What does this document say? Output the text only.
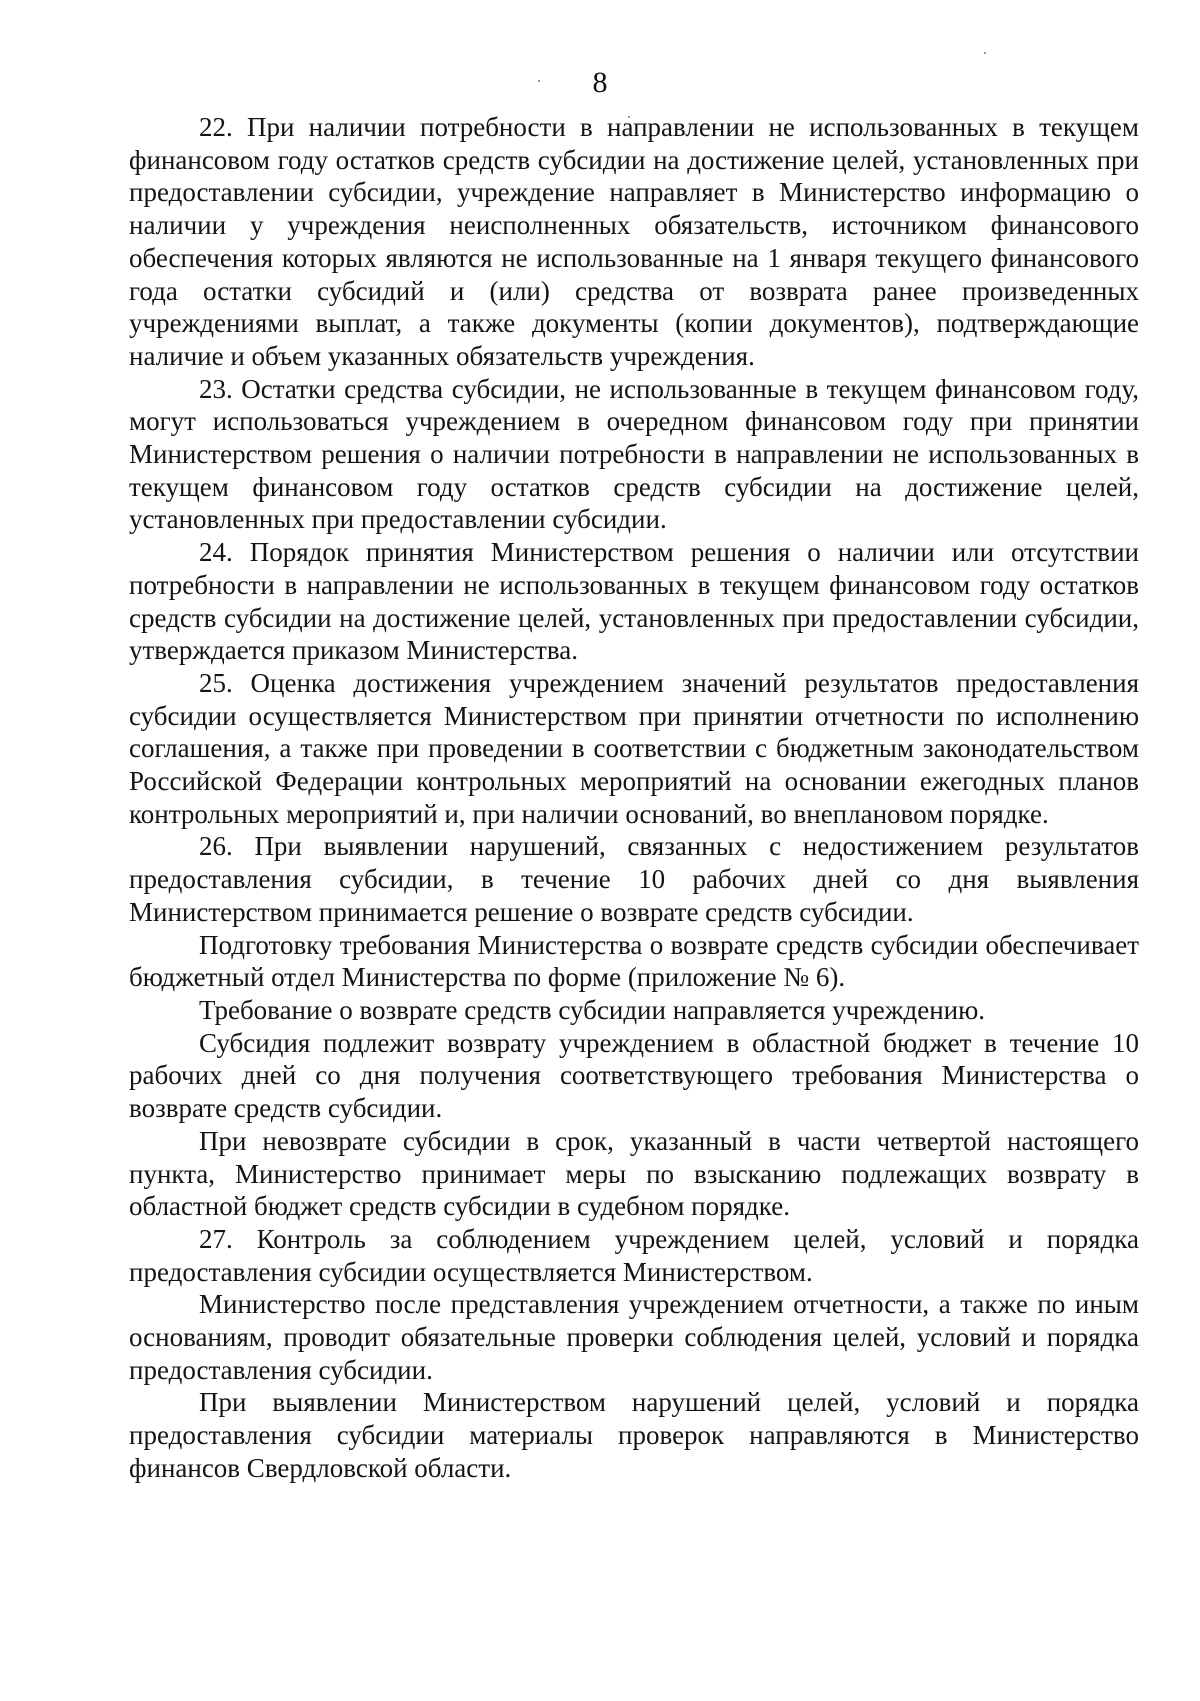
8

22. При наличии потребности в направлении не использованных в текущем финансовом году остатков средств субсидии на достижение целей, установленных при предоставлении субсидии, учреждение направляет в Министерство информацию о наличии у учреждения неисполненных обязательств, источником финансового обеспечения которых являются не использованные на 1 января текущего финансового года остатки субсидий и (или) средства от возврата ранее произведенных учреждениями выплат, а также документы (копии документов), подтверждающие наличие и объем указанных обязательств учреждения.

23. Остатки средства субсидии, не использованные в текущем финансовом году, могут использоваться учреждением в очередном финансовом году при принятии Министерством решения о наличии потребности в направлении не использованных в текущем финансовом году остатков средств субсидии на достижение целей, установленных при предоставлении субсидии.

24. Порядок принятия Министерством решения о наличии или отсутствии потребности в направлении не использованных в текущем финансовом году остатков средств субсидии на достижение целей, установленных при предоставлении субсидии, утверждается приказом Министерства.

25. Оценка достижения учреждением значений результатов предоставления субсидии осуществляется Министерством при принятии отчетности по исполнению соглашения, а также при проведении в соответствии с бюджетным законодательством Российской Федерации контрольных мероприятий на основании ежегодных планов контрольных мероприятий и, при наличии оснований, во внеплановом порядке.

26. При выявлении нарушений, связанных с недостижением результатов предоставления субсидии, в течение 10 рабочих дней со дня выявления Министерством принимается решение о возврате средств субсидии.

Подготовку требования Министерства о возврате средств субсидии обеспечивает бюджетный отдел Министерства по форме (приложение № 6).

Требование о возврате средств субсидии направляется учреждению.

Субсидия подлежит возврату учреждением в областной бюджет в течение 10 рабочих дней со дня получения соответствующего требования Министерства о возврате средств субсидии.

При невозврате субсидии в срок, указанный в части четвертой настоящего пункта, Министерство принимает меры по взысканию подлежащих возврату в областной бюджет средств субсидии в судебном порядке.

27. Контроль за соблюдением учреждением целей, условий и порядка предоставления субсидии осуществляется Министерством.

Министерство после представления учреждением отчетности, а также по иным основаниям, проводит обязательные проверки соблюдения целей, условий и порядка предоставления субсидии.

При выявлении Министерством нарушений целей, условий и порядка предоставления субсидии материалы проверок направляются в Министерство финансов Свердловской области.
